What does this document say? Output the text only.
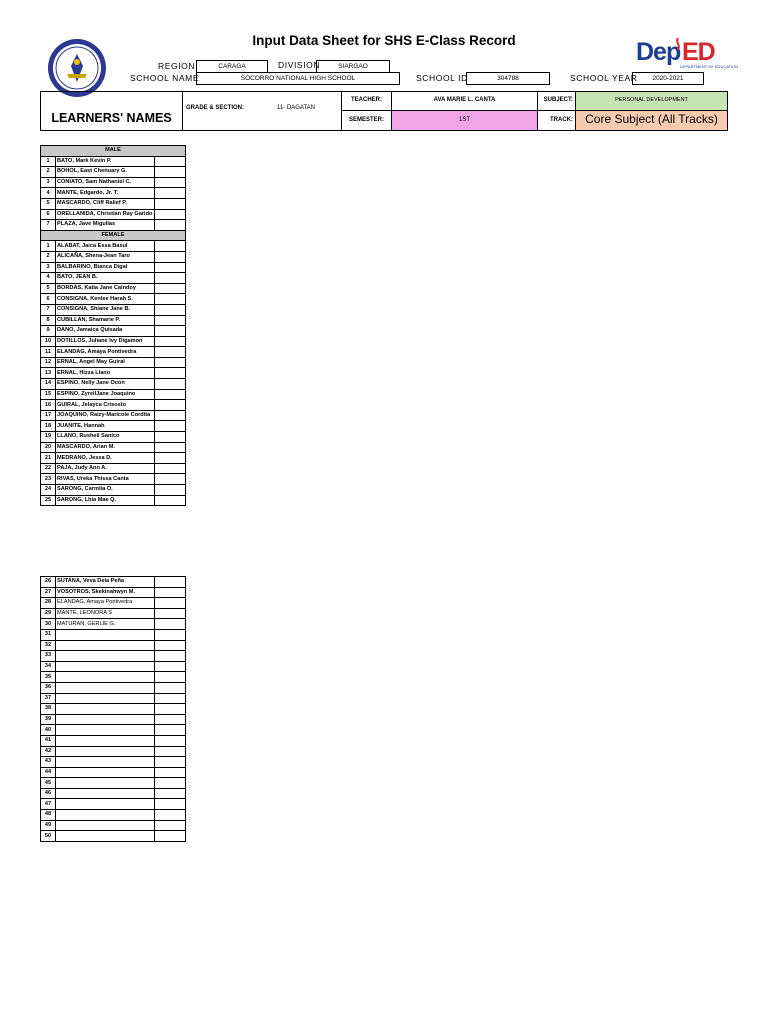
Input Data Sheet for SHS E-Class Record	Dep ED
DEPARTMENT OF EDUCATION
REGION	CARAGA	DIVISION	SIARGAO
SCHOOL NAME	SOCORRO NATIONAL HIGH SCHOOL	SCHOOL ID	304788	SCHOOL YEAR	2020-2021
LEARNERS' NAMES
GRADE & SECTION:	11- DAGATAN
TEACHER:	AVA MARIE L. CANTA
SEMESTER:	1ST
SUBJECT:	PERSONAL DEVELOPMENT
TRACK:	Core Subject (All Tracks)
MALE		
1	BATO, Mark Kevin P.	
2	BOHOL, East Chenuary G.	
3	CONIATO, Sam Nathaniel C.	
4	MANTE, Edgardo, Jr. T.	
5	MASCARDO, Cliff Ralief P.	
6	ORELLANIDA, Christian Ray Garido	
7	PLAZA, Jave Migullas	
FEMALE		
1	ALABAT, Jaica Essa Basul	
2	ALICAÑA, Shena-Jean Taro	
3	BALBARINO, Bianca Digal	
4	BATO, JEAN B.	
5	BORDAS, Katia Jane Caindoy	
6	CONSIGNA, Kenlee Harah S.	
7	CONSIGNA, Shiane Jane B.	
8	CUBILLAN, Shamarie P.	
9	DANO, Jamaica Quisada	
10	DOTILLOS, Juliane Ivy Digamon	
11	ELANDAG, Amaya Pontivedra	
12	ERNAL, Angel May Guiral	
13	ERNAL, Hizza Llano	
14	ESPINO, Nelly Jane Ocon	
15	ESPINO, ZyrellJane Joaquino	
16	GUIRAL, Jelayca Crisosto	
17	JOAQUINO, Raizy-Maricole Cordita	
18	JUANITE, Hannah	
19	LLANO, Rusheil Sanico	
20	MASCARDO, Arian M.	
21	MEDRANO, Jessa D.	
22	PAJA, Judy Ann A.	
23	RIVAS, Ureka Thissa Canta	
24	SARONG, Carmila O.	
25	SARONG, Lhia Mae Q.	
26	SUTANA, Veva Dela Peña	
27	VOSOTROS, Skekinahwyn M.	
28	ELANDAG, Amaya Pontivedra	
29	MANTE, LEONORA S	
30	MATURAN, GERLIE G.	
31		
32		
33		
34		
35		
36		
37		
38		
39		
40		
41		
42		
43		
44		
45		
46		
47		
48		
49		
50		
